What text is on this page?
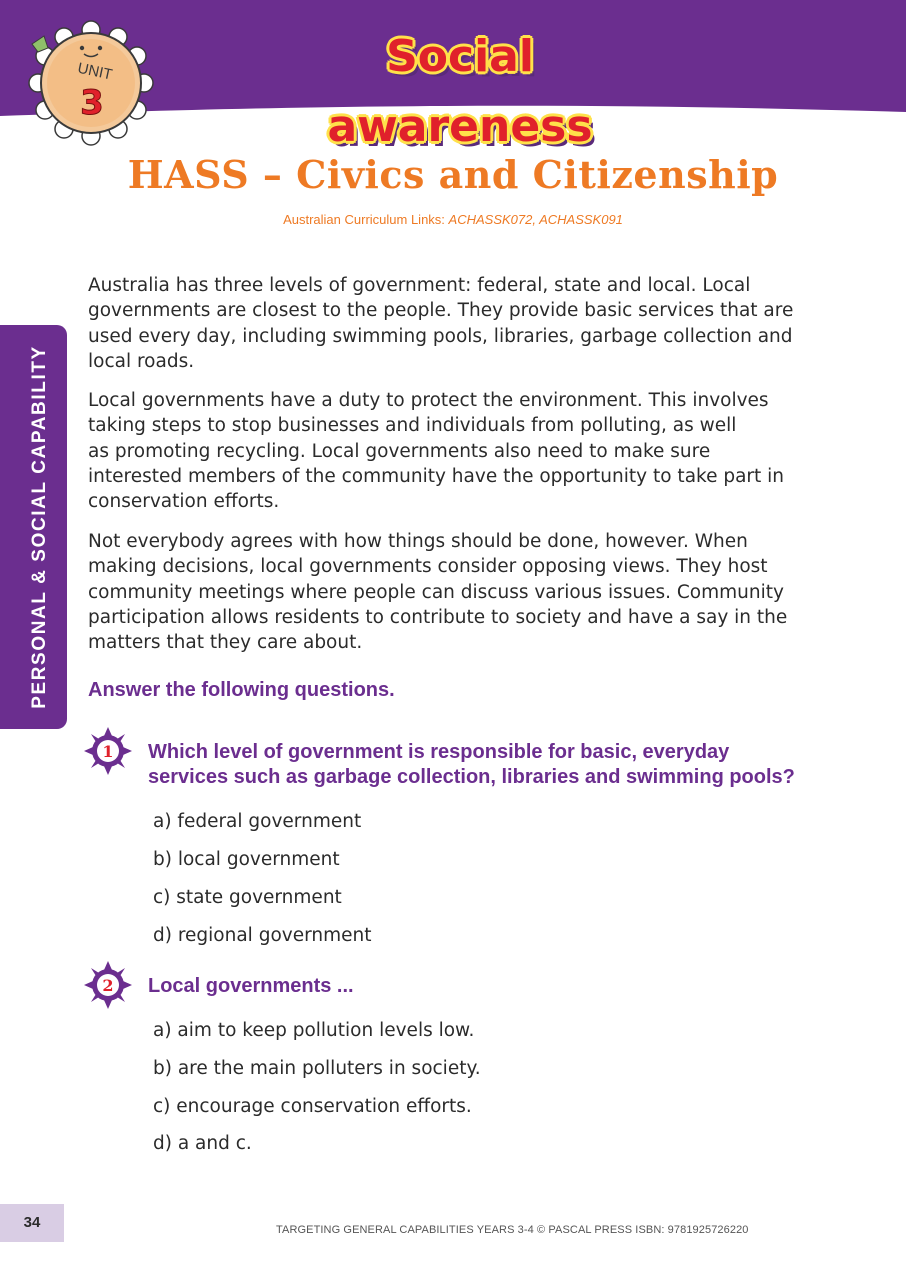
UNIT
3
Social awareness
HASS – Civics and Citizenship
Australian Curriculum Links: ACHASSK072, ACHASSK091
PERSONAL & SOCIAL CAPABILITY

Australia has three levels of government: federal, state and local. Local
governments are closest to the people. They provide basic services that are
used every day, including swimming pools, libraries, garbage collection and
local roads.

Local governments have a duty to protect the environment. This involves
taking steps to stop businesses and individuals from polluting, as well
as promoting recycling. Local governments also need to make sure
interested members of the community have the opportunity to take part in
conservation efforts.

Not everybody agrees with how things should be done, however. When
making decisions, local governments consider opposing views. They host
community meetings where people can discuss various issues. Community
participation allows residents to contribute to society and have a say in the
matters that they care about.

Answer the following questions.
1 Which level of government is responsible for basic, everyday
services such as garbage collection, libraries and swimming pools?
a) federal government
b) local government
c) state government
d) regional government
2 Local governments ...
a) aim to keep pollution levels low.
b) are the main polluters in society.
c) encourage conservation efforts.
d) a and c.
34	TARGETING GENERAL CAPABILITIES YEARS 3-4 © PASCAL PRESS ISBN: 9781925726220
